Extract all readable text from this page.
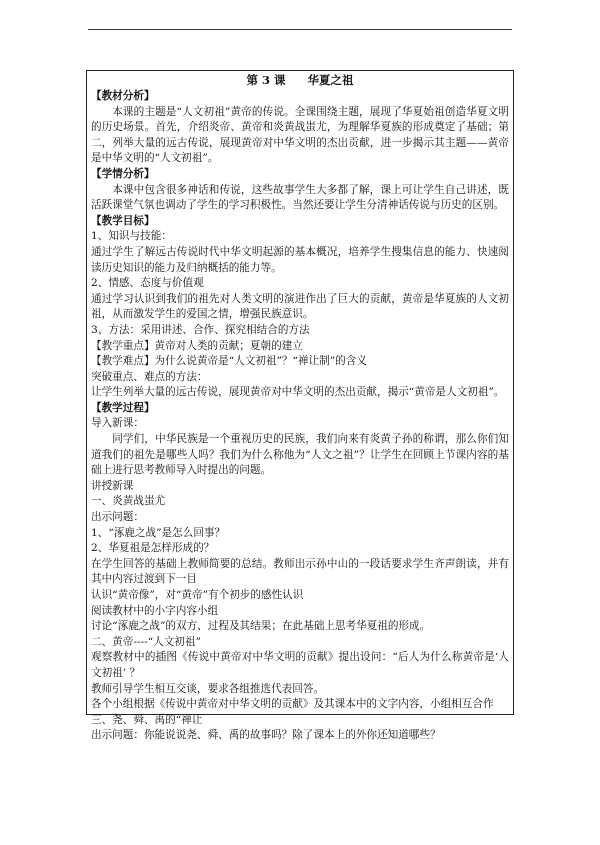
第 3 课 华夏之祖

【教材分析】

本课的主题是“人文初祖”黄帝的传说。全课围绕主题，展现了华夏始祖创造华夏文明的历史场景。首先，介绍炎帝、黄帝和炎黄战蚩尤，为理解华夏族的形成奠定了基础；第二，列举大量的远古传说，展现黄帝对中华文明的杰出贡献，进一步揭示其主题——黄帝是中华文明的“人文初祖”。

【学情分析】

本课中包含很多神话和传说，这些故事学生大多都了解，课上可让学生自己讲述，既活跃课堂气氛也调动了学生的学习积极性。当然还要让学生分清神话传说与历史的区别。

【教学目标】

1、知识与技能：

通过学生了解远古传说时代中华文明起源的基本概况，培养学生搜集信息的能力、快速阅读历史知识的能力及归纳概括的能力等。

2、情感、态度与价值观

通过学习认识到我们的祖先对人类文明的演进作出了巨大的贡献，黄帝是华夏族的人文初祖，从而激发学生的爱国之情，增强民族意识。

3、方法：采用讲述、合作、探究相结合的方法

【教学重点】黄帝对人类的贡献；夏朝的建立

【教学难点】为什么说黄帝是“人文初祖”？“禅让制”的含义

突破重点、难点的方法：

让学生列举大量的远古传说，展现黄帝对中华文明的杰出贡献，揭示“黄帝是人文初祖”。

【教学过程】

导入新课：

同学们，中华民族是一个重视历史的民族，我们向来有炎黄子孙的称谓，那么你们知道我们的祖先是哪些人吗？我们为什么称他为“人文之祖”？让学生在回顾上节课内容的基础上进行思考教师导入时提出的问题。

讲授新课

一、炎黄战蚩尤

出示问题：

1、“涿鹿之战”是怎么回事？

2、华夏祖是怎样形成的？

在学生回答的基础上教师简要的总结。教师出示孙中山的一段话要求学生齐声朗读，并有其中内容过渡到下一目

认识“黄帝像”，对“黄帝”有个初步的感性认识

阅读教材中的小字内容小组

讨论“涿鹿之战”的双方、过程及其结果；在此基础上思考华夏祖的形成。

二、黄帝----“人文初祖”

观察教材中的插图《传说中黄帝对中华文明的贡献》提出设问：“后人为什么称黄帝是‘人文初祖’ ？

教师引导学生相互交谈，要求各组推选代表回答。

各个小组根据《传说中黄帝对中华文明的贡献》及其课本中的文字内容，小组相互合作

三、尧、舜、禹的“禅让

出示问题：你能说说尧、舜、禹的故事吗？除了课本上的外你还知道哪些？
